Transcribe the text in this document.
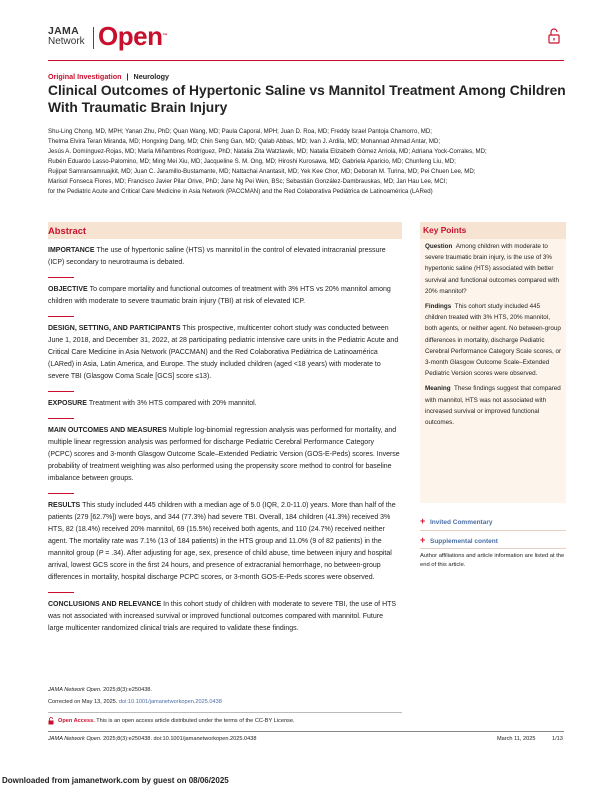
JAMA
Network Open™
Original Investigation | Neurology
Clinical Outcomes of Hypertonic Saline vs Mannitol Treatment Among Children With Traumatic Brain Injury
Shu-Ling Chong, MD, MPH; Yanan Zhu, PhD; Quan Wang, MD; Paula Caporal, MPH; Juan D. Roa, MD; Freddy Israel Pantoja Chamorro, MD;
Thelma Elvira Teran Miranda, MD; Hongxing Dang, MD; Chin Seng Gan, MD; Qalab Abbas, MD; Ivan J. Ardila, MD; Mohannad Ahmad Antar, MD;
Jesús A. Domínguez-Rojas, MD; María Miñambres Rodríguez, PhD; Natalia Zita Watzlawik, MD; Natalia Elizabeth Gómez Arriola, MD; Adriana Yock-Corrales, MD;
Rubén Eduardo Lasso-Palomino, MD; Ming Mei Xiu, MD; Jacqueline S. M. Ong, MD; Hiroshi Kurosawa, MD; Gabriela Aparicio, MD; Chunfeng Liu, MD;
Rujipat Samransamruajkit, MD; Juan C. Jaramillo-Bustamante, MD; Nattachai Anantasit, MD; Yek Kee Chor, MD; Deborah M. Turina, MD; Pei Chuen Lee, MD;
Marisol Fonseca Flores, MD; Francisco Javier Pilar Orive, PhD; Jane Ng Pei Wen, BSc; Sebastián González-Dambrauskas, MD; Jan Hau Lee, MCI;
for the Pediatric Acute and Critical Care Medicine in Asia Network (PACCMAN) and the Red Colaborativa Pediátrica de Latinoamérica (LARed)
Abstract	Key Points

IMPORTANCE The use of hypertonic saline (HTS) vs mannitol in the control of elevated intracranial pressure (ICP) secondary to neurotrauma is debated.

OBJECTIVE To compare mortality and functional outcomes of treatment with 3% HTS vs 20% mannitol among children with moderate to severe traumatic brain injury (TBI) at risk of elevated ICP.

DESIGN, SETTING, AND PARTICIPANTS This prospective, multicenter cohort study was conducted between June 1, 2018, and December 31, 2022, at 28 participating pediatric intensive care units in the Pediatric Acute and Critical Care Medicine in Asia Network (PACCMAN) and the Red Colaborativa Pediátrica de Latinoamérica (LARed) in Asia, Latin America, and Europe. The study included children (aged <18 years) with moderate to severe TBI (Glasgow Coma Scale [GCS] score ≤13).

EXPOSURE Treatment with 3% HTS compared with 20% mannitol.

MAIN OUTCOMES AND MEASURES Multiple log-binomial regression analysis was performed for mortality, and multiple linear regression analysis was performed for discharge Pediatric Cerebral Performance Category (PCPC) scores and 3-month Glasgow Outcome Scale–Extended Pediatric Version (GOS-E-Peds) scores. Inverse probability of treatment weighting was also performed using the propensity score method to control for baseline imbalance between groups.

RESULTS This study included 445 children with a median age of 5.0 (IQR, 2.0-11.0) years. More than half of the patients (279 [62.7%]) were boys, and 344 (77.3%) had severe TBI. Overall, 184 children (41.3%) received 3% HTS, 82 (18.4%) received 20% mannitol, 69 (15.5%) received both agents, and 110 (24.7%) received neither agent. The mortality rate was 7.1% (13 of 184 patients) in the HTS group and 11.0% (9 of 82 patients) in the mannitol group (P = .34). After adjusting for age, sex, presence of child abuse, time between injury and hospital arrival, lowest GCS score in the first 24 hours, and presence of extracranial hemorrhage, no between-group differences in mortality, hospital discharge PCPC scores, or 3-month GOS-E-Peds scores were observed.

CONCLUSIONS AND RELEVANCE In this cohort study of children with moderate to severe TBI, the use of HTS was not associated with increased survival or improved functional outcomes compared with mannitol. Future large multicenter randomized clinical trials are required to validate these findings.

Question Among children with moderate to severe traumatic brain injury, is the use of 3% hypertonic saline (HTS) associated with better survival and functional outcomes compared with 20% mannitol?

Findings This cohort study included 445 children treated with 3% HTS, 20% mannitol, both agents, or neither agent. No between-group differences in mortality, discharge Pediatric Cerebral Performance Category Scale scores, or 3-month Glasgow Outcome Scale–Extended Pediatric Version scores were observed.

Meaning These findings suggest that compared with mannitol, HTS was not associated with increased survival or improved functional outcomes.

+ Invited Commentary
+ Supplemental content
Author affiliations and article information are listed at the end of this article.
JAMA Network Open. 2025;8(3):e250438.
Corrected on May 13, 2025. doi:10.1001/jamanetworkopen.2025.0438
Open Access. This is an open access article distributed under the terms of the CC-BY License.
JAMA Network Open. 2025;8(3):e250438. doi:10.1001/jamanetworkopen.2025.0438	March 11, 2025	1/13
Downloaded from jamanetwork.com by guest on 08/06/2025
